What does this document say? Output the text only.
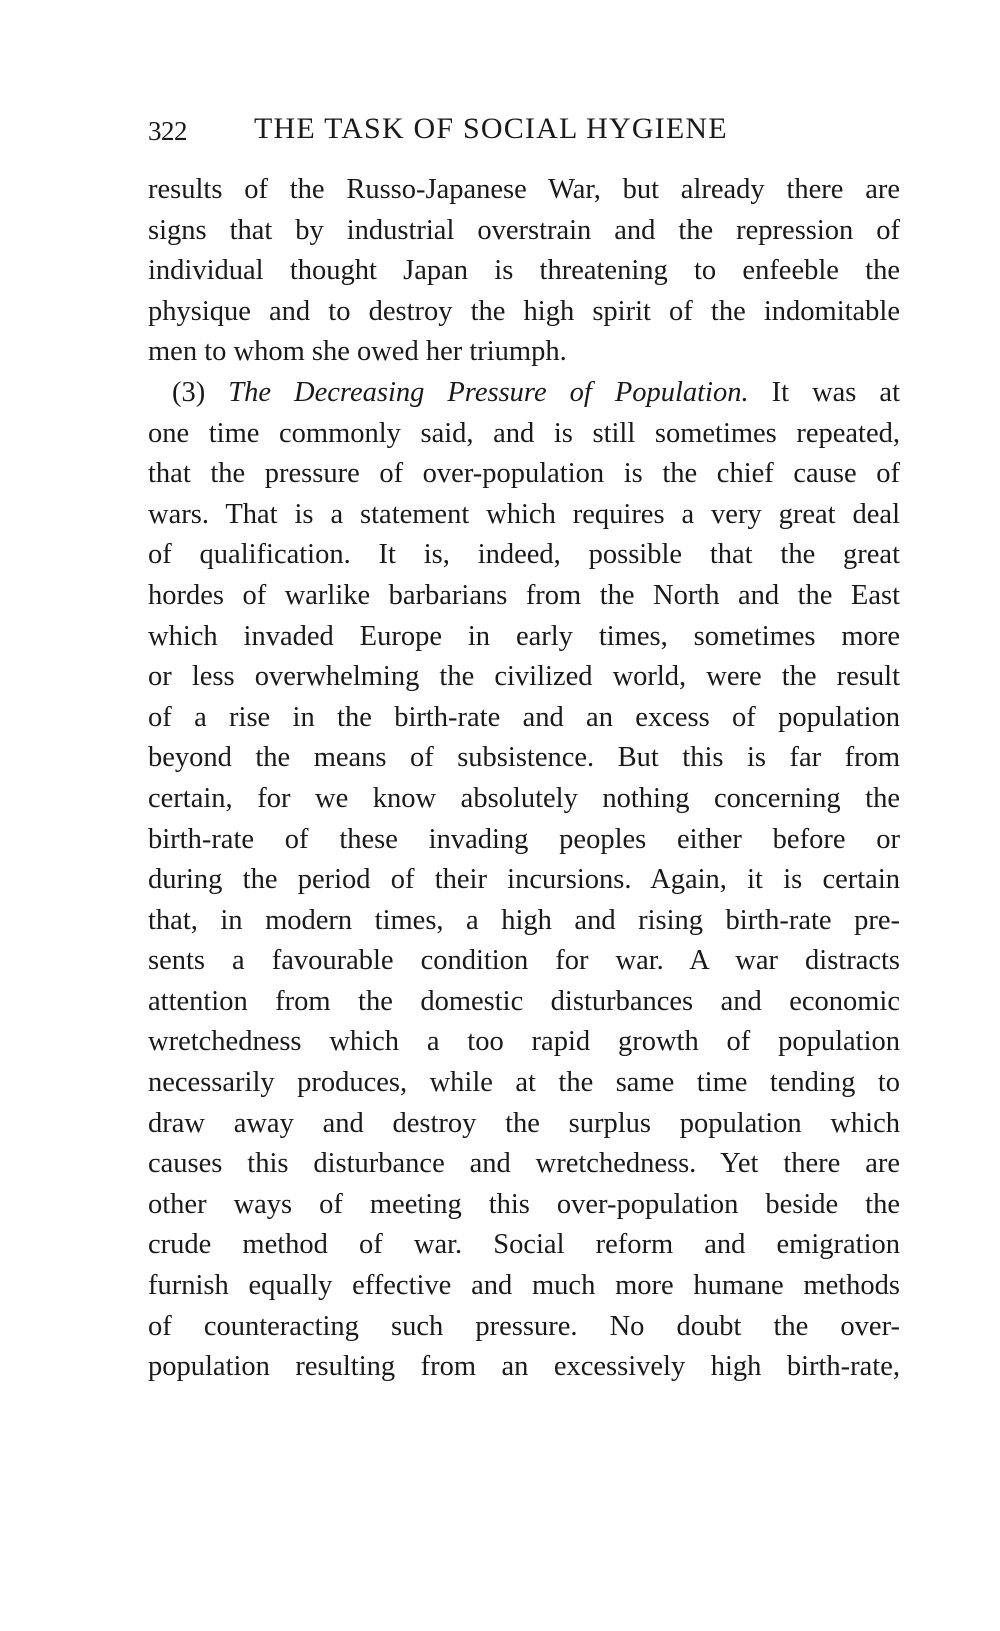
322 THE TASK OF SOCIAL HYGIENE
results of the Russo-Japanese War, but already there are
signs that by industrial overstrain and the repression of
individual thought Japan is threatening to enfeeble the
physique and to destroy the high spirit of the indomitable
men to whom she owed her triumph.
(3) The Decreasing Pressure of Population. It was at
one time commonly said, and is still sometimes repeated,
that the pressure of over-population is the chief cause of
wars. That is a statement which requires a very great deal
of qualification. It is, indeed, possible that the great
hordes of warlike barbarians from the North and the East
which invaded Europe in early times, sometimes more
or less overwhelming the civilized world, were the result
of a rise in the birth-rate and an excess of population
beyond the means of subsistence. But this is far from
certain, for we know absolutely nothing concerning the
birth-rate of these invading peoples either before or
during the period of their incursions. Again, it is certain
that, in modern times, a high and rising birth-rate pre-
sents a favourable condition for war. A war distracts
attention from the domestic disturbances and economic
wretchedness which a too rapid growth of population
necessarily produces, while at the same time tending to
draw away and destroy the surplus population which
causes this disturbance and wretchedness. Yet there are
other ways of meeting this over-population beside the
crude method of war. Social reform and emigration
furnish equally effective and much more humane methods
of counteracting such pressure. No doubt the over-
population resulting from an excessively high birth-rate,
